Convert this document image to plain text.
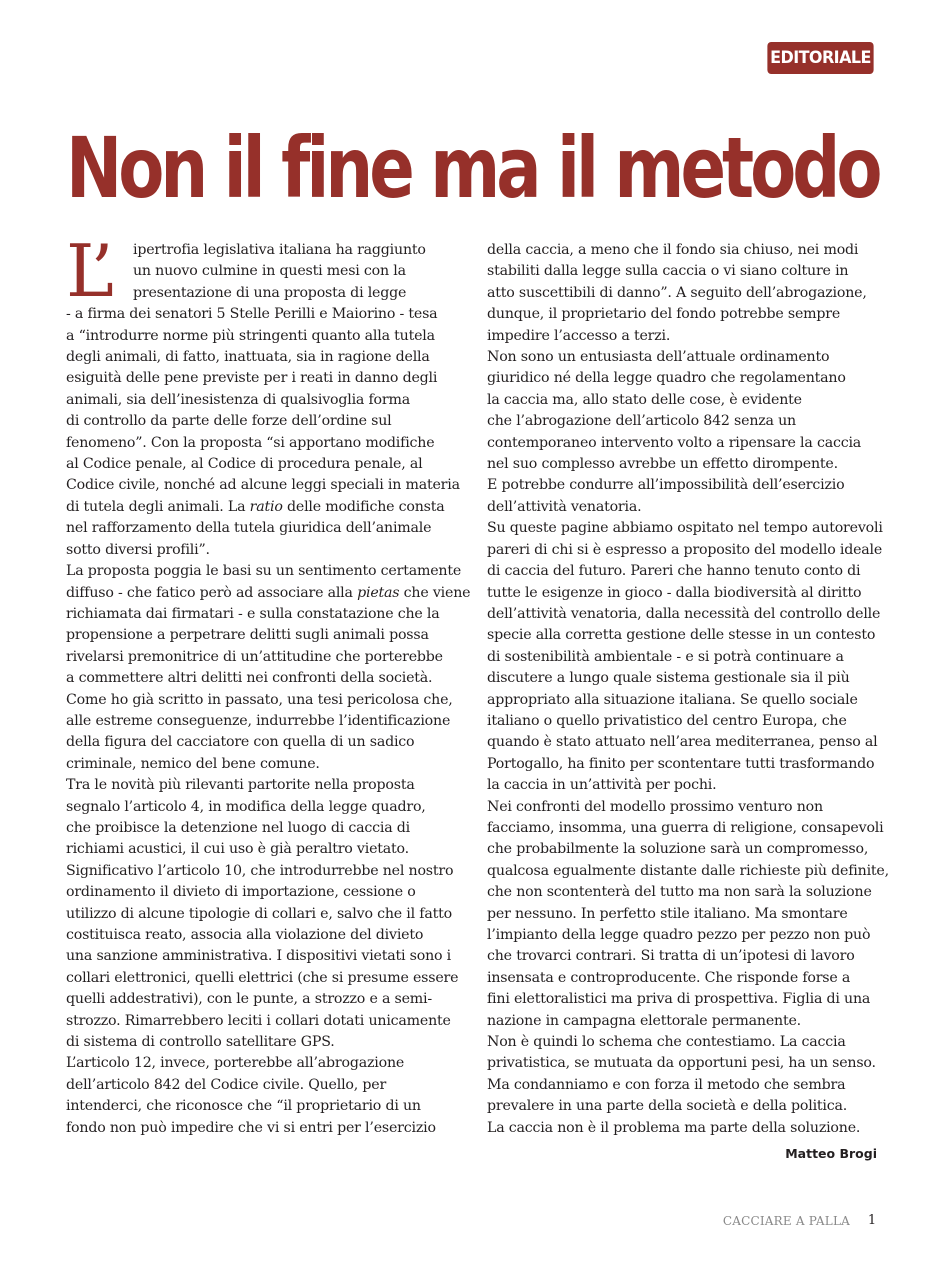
EDITORIALE
Non il fine ma il metodo
L’	ipertrofia legislativa italiana ha raggiunto
un nuovo culmine in questi mesi con la
presentazione di una proposta di legge
- a firma dei senatori 5 Stelle Perilli e Maiorino - tesa
a “introdurre norme più stringenti quanto alla tutela
degli animali, di fatto, inattuata, sia in ragione della
esiguità delle pene previste per i reati in danno degli
animali, sia dell’inesistenza di qualsivoglia forma
di controllo da parte delle forze dell’ordine sul
fenomeno”. Con la proposta “si apportano modifiche
al Codice penale, al Codice di procedura penale, al
Codice civile, nonché ad alcune leggi speciali in materia
di tutela degli animali. La ratio delle modifiche consta
nel rafforzamento della tutela giuridica dell’animale
sotto diversi profili”.
La proposta poggia le basi su un sentimento certamente
diffuso - che fatico però ad associare alla pietas che viene
richiamata dai firmatari - e sulla constatazione che la
propensione a perpetrare delitti sugli animali possa
rivelarsi premonitrice di un’attitudine che porterebbe
a commettere altri delitti nei confronti della società.
Come ho già scritto in passato, una tesi pericolosa che,
alle estreme conseguenze, indurrebbe l’identificazione
della figura del cacciatore con quella di un sadico
criminale, nemico del bene comune.
Tra le novità più rilevanti partorite nella proposta
segnalo l’articolo 4, in modifica della legge quadro,
che proibisce la detenzione nel luogo di caccia di
richiami acustici, il cui uso è già peraltro vietato.
Significativo l’articolo 10, che introdurrebbe nel nostro
ordinamento il divieto di importazione, cessione o
utilizzo di alcune tipologie di collari e, salvo che il fatto
costituisca reato, associa alla violazione del divieto
una sanzione amministrativa. I dispositivi vietati sono i
collari elettronici, quelli elettrici (che si presume essere
quelli addestrativi), con le punte, a strozzo e a semi-
strozzo. Rimarrebbero leciti i collari dotati unicamente
di sistema di controllo satellitare GPS.
L’articolo 12, invece, porterebbe all’abrogazione
dell’articolo 842 del Codice civile. Quello, per
intenderci, che riconosce che “il proprietario di un
fondo non può impedire che vi si entri per l’esercizio
della caccia, a meno che il fondo sia chiuso, nei modi
stabiliti dalla legge sulla caccia o vi siano colture in
atto suscettibili di danno”. A seguito dell’abrogazione,
dunque, il proprietario del fondo potrebbe sempre
impedire l’accesso a terzi.
Non sono un entusiasta dell’attuale ordinamento
giuridico né della legge quadro che regolamentano
la caccia ma, allo stato delle cose, è evidente
che l’abrogazione dell’articolo 842 senza un
contemporaneo intervento volto a ripensare la caccia
nel suo complesso avrebbe un effetto dirompente.
E potrebbe condurre all’impossibilità dell’esercizio
dell’attività venatoria.
Su queste pagine abbiamo ospitato nel tempo autorevoli
pareri di chi si è espresso a proposito del modello ideale
di caccia del futuro. Pareri che hanno tenuto conto di
tutte le esigenze in gioco - dalla biodiversità al diritto
dell’attività venatoria, dalla necessità del controllo delle
specie alla corretta gestione delle stesse in un contesto
di sostenibilità ambientale - e si potrà continuare a
discutere a lungo quale sistema gestionale sia il più
appropriato alla situazione italiana. Se quello sociale
italiano o quello privatistico del centro Europa, che
quando è stato attuato nell’area mediterranea, penso al
Portogallo, ha finito per scontentare tutti trasformando
la caccia in un’attività per pochi.
Nei confronti del modello prossimo venturo non
facciamo, insomma, una guerra di religione, consapevoli
che probabilmente la soluzione sarà un compromesso,
qualcosa egualmente distante dalle richieste più definite,
che non scontenterà del tutto ma non sarà la soluzione
per nessuno. In perfetto stile italiano. Ma smontare
l’impianto della legge quadro pezzo per pezzo non può
che trovarci contrari. Si tratta di un’ipotesi di lavoro
insensata e controproducente. Che risponde forse a
fini elettoralistici ma priva di prospettiva. Figlia di una
nazione in campagna elettorale permanente.
Non è quindi lo schema che contestiamo. La caccia
privatistica, se mutuata da opportuni pesi, ha un senso.
Ma condanniamo e con forza il metodo che sembra
prevalere in una parte della società e della politica.
La caccia non è il problema ma parte della soluzione.
Matteo Brogi
CACCIARE A PALLA	1
